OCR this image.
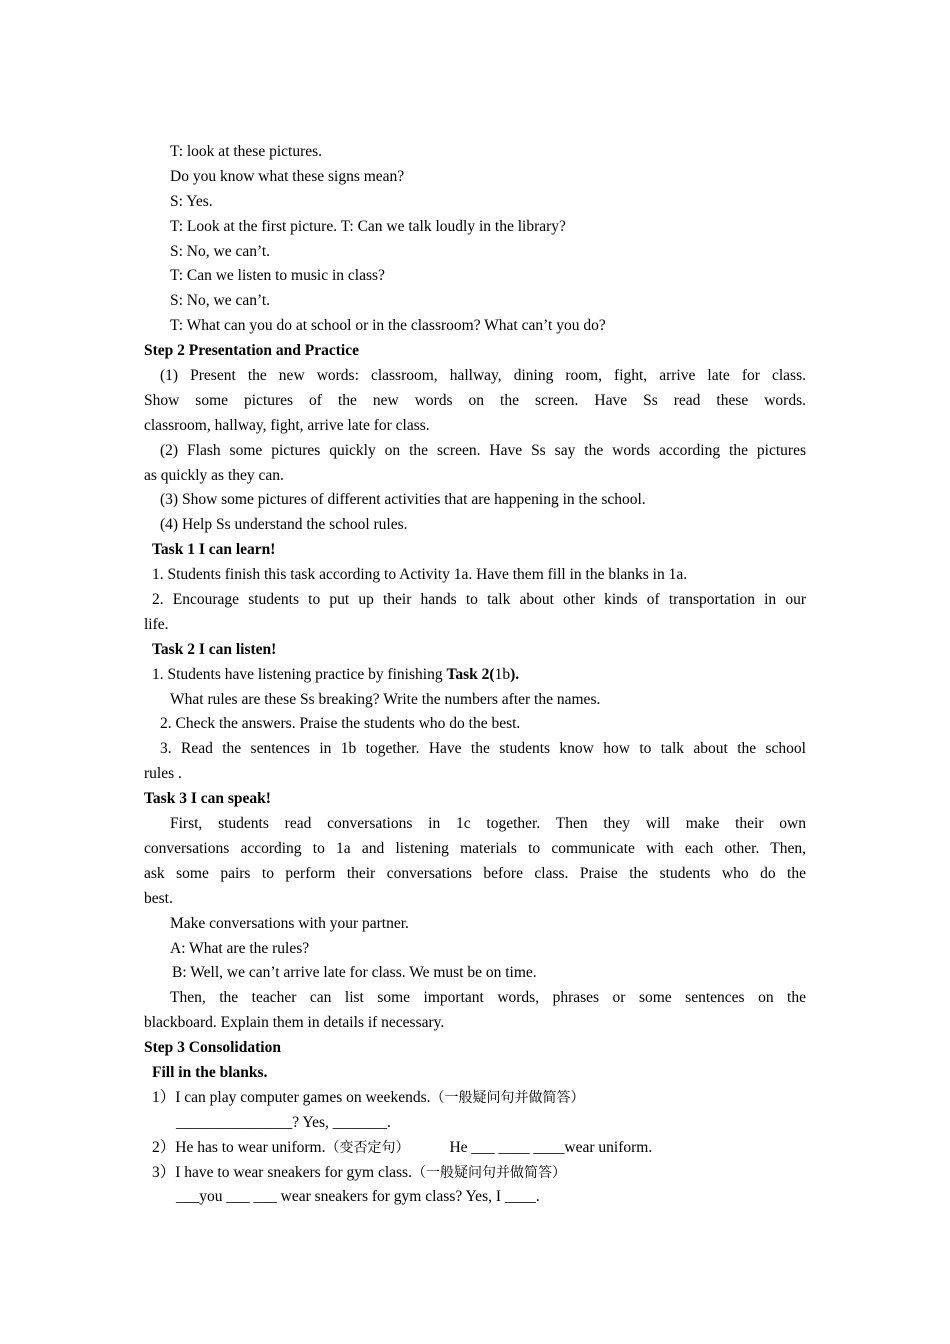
T: look at these pictures.
Do you know what these signs mean?
S: Yes.
T: Look at the first picture. T: Can we talk loudly in the library?
S: No, we can’t.
T: Can we listen to music in class?
S: No, we can’t.
T: What can you do at school or in the classroom? What can’t you do?
Step 2 Presentation and Practice
(1) Present the new words: classroom, hallway, dining room, fight, arrive late for class.
Show some pictures of the new words on the screen. Have Ss read these words.
classroom, hallway, fight, arrive late for class.
(2) Flash some pictures quickly on the screen. Have Ss say the words according the pictures
as quickly as they can.
(3) Show some pictures of different activities that are happening in the school.
(4) Help Ss understand the school rules.
Task 1 I can learn!
1. Students finish this task according to Activity 1a. Have them fill in the blanks in 1a.
2. Encourage students to put up their hands to talk about other kinds of transportation in our
life.
Task 2 I can listen!
1. Students have listening practice by finishing Task 2(1b).
What rules are these Ss breaking? Write the numbers after the names.
2. Check the answers. Praise the students who do the best.
3. Read the sentences in 1b together. Have the students know how to talk about the school
rules .
Task 3 I can speak!
First, students read conversations in 1c together. Then they will make their own
conversations according to 1a and listening materials to communicate with each other. Then,
ask some pairs to perform their conversations before class. Praise the students who do the
best.
Make conversations with your partner.
A: What are the rules?
B: Well, we can’t arrive late for class. We must be on time.
Then, the teacher can list some important words, phrases or some sentences on the
blackboard. Explain them in details if necessary.
Step 3 Consolidation
Fill in the blanks.
1）I can play computer games on weekends.（一般疑问句并做简答）
_______________? Yes, _______.
2）He has to wear uniform.（变否定句）	He ___ ____ ____wear uniform.
3）I have to wear sneakers for gym class.（一般疑问句并做简答）
___you ___ ___ wear sneakers for gym class? Yes, I ____.
